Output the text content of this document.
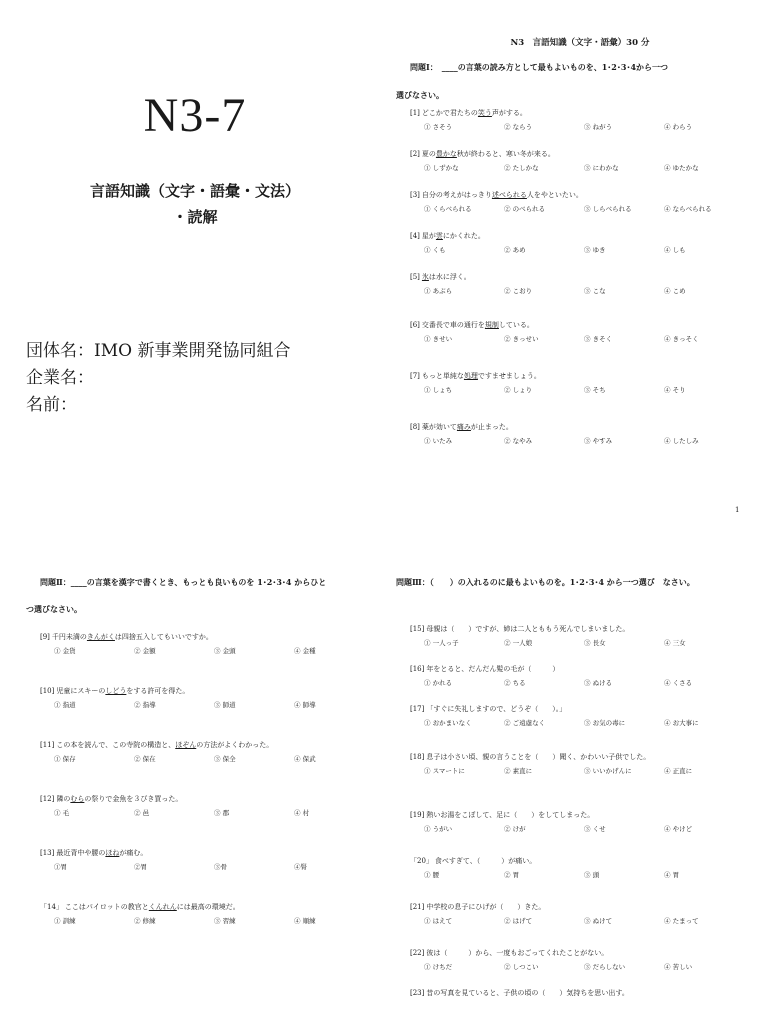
N3-7
言語知識（文字・語彙・文法）
・読解
団体名：IMO 新事業開発協同組合
企業名：
名前：
N3　言語知識（文字・語彙）30 分
問題Ⅰ：　____の言葉の読み方として最もよいものを、1･2･3･4から一つ
選びなさい。
[1] どこかで君たちの笑う声がする。
① さそう	② ならう	③ ねがう	④ わらう
[2] 夏の豊かな秋が終わると、寒い冬が来る。
① しずかな	② たしかな	③ にわかな	④ ゆたかな
[3] 自分の考えがはっきり述べられる人をやといたい。
① くらべられる	② のべられる	③ しらべられる	④ ならべられる
[4] 星が雲にかくれた。
① くも	② あめ	③ ゆき	④ しも
[5] 氷は水に浮く。
① あぶら	② こおり	③ こな	④ こめ
[6] 交番長で車の通行を規制している。
① きせい	② きっせい	③ きそく	④ きっそく
[7] もっと単純な処理ですませましょう。
① しょち	② しょり	③ そち	④ そり
[8] 薬が効いて痛みが止まった。
① いたみ	② なやみ	③ やすみ	④ したしみ
1
問題Ⅱ：____の言葉を漢字で書くとき、もっとも良いものを 1･2･3･4 からひと
つ選びなさい。
[9] 千円未満のきんがくは四捨五入してもいいですか。
① 金貨	② 金額	③ 金頭	④ 金種
[10] 児童にスキーのしどうをする許可を得た。
① 指道	② 指導	③ 師道	④ 師導
[11] この本を読んで、この寺院の構造と、ほぞんの方法がよくわかった。
① 保存	② 保在	③ 保全	④ 保武
[12] 隣のむらの祭りで金魚を３びき買った。
① 毛	② 邑	③ 郡	④ 村
[13] 最近背中や腰のほねが痛む。
①胃	②胃	③骨	④腎
「14」 ここはパイロットの教官とくんれんには最高の環境だ。
① 訓練	② 修練	③ 習練	④ 順練
問題Ⅲ：（　　）の入れるのに最もよいものを。1･2･3･4 から一つ選び　なさい。
[15] 母親は（　　）ですが、姉は二人とももう死んでしまいました。
① 一人っ子	② 一人娘	③ 長女	④ 三女
[16] 年をとると、だんだん髪の毛が（　　　）
① かれる	② ちる	③ ぬける	④ くさる
[17] 「すぐに失礼しますので、どうぞ（　　）。」
① おかまいなく	② ご遠慮なく	③ お気の毒に	④ お大事に
[18] 息子は小さい頃、親の言うことを（　　）聞く、かわいい子供でした。
① スマートに	② 素直に	③ いいかげんに	④ 正直に
[19] 熱いお湯をこぼして、足に（　　）をしてしまった。
① うがい	② けが	③ くせ	④ やけど
「20」 食べすぎて、（　　　）が痛い。
① 腰	② 胃	③ 頭	④ 胃
[21] 中学校の息子にひげが（　　）きた。
① はえて	② はげて	③ ぬけて	④ たまって
[22] 彼は（　　　）から、一度もおごってくれたことがない。
① けちだ	② しつこい	③ だらしない	④ 苦しい
[23] 昔の写真を見ていると、子供の頃の（　　）気持ちを思い出す。
